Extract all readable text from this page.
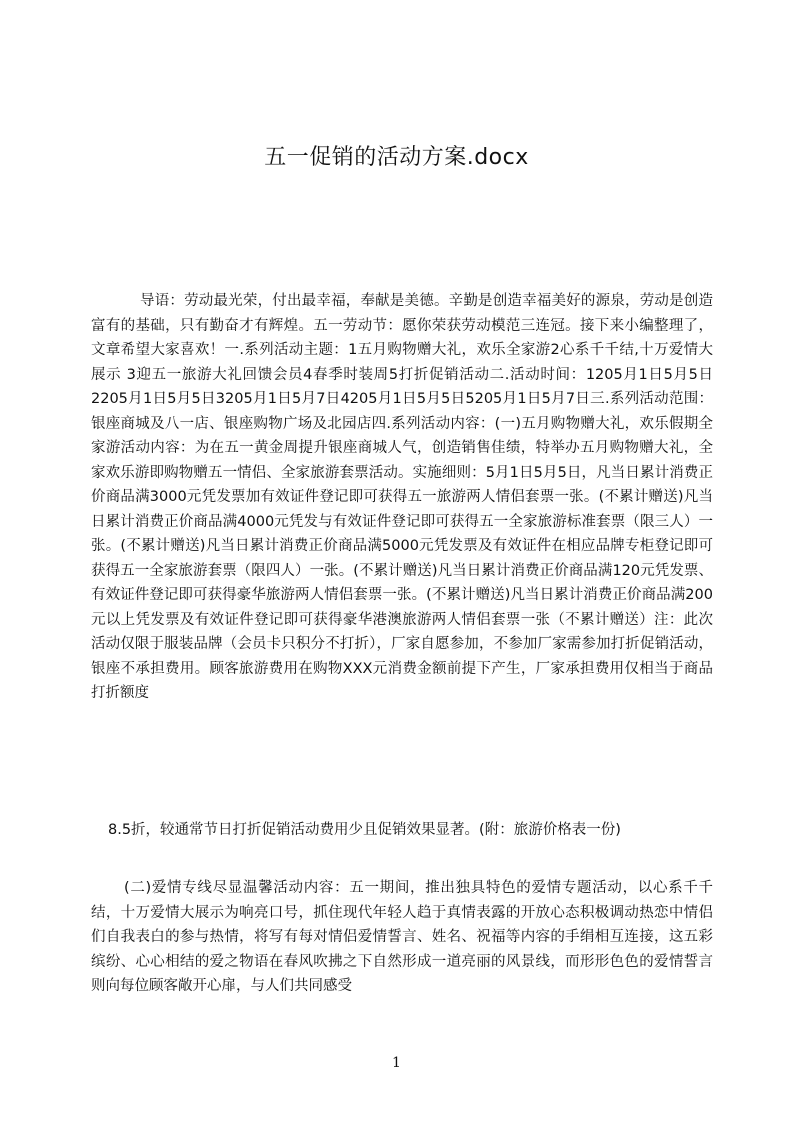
五一促销的活动方案.docx

导语：劳动最光荣，付出最幸福，奉献是美德。辛勤是创造幸福美好的源泉，劳动是创造富有的基础，只有勤奋才有辉煌。五一劳动节：愿你荣获劳动模范三连冠。接下来小编整理了，文章希望大家喜欢！一.系列活动主题：1五月购物赠大礼，欢乐全家游2心系千千结,十万爱情大展示 3迎五一旅游大礼回馈会员4春季时装周5打折促销活动二.活动时间：1205月1日5月5日2205月1日5月5日3205月1日5月7日4205月1日5月5日5205月1日5月7日三.系列活动范围：银座商城及八一店、银座购物广场及北园店四.系列活动内容：(一)五月购物赠大礼，欢乐假期全家游活动内容：为在五一黄金周提升银座商城人气，创造销售佳绩，特举办五月购物赠大礼，全家欢乐游即购物赠五一情侣、全家旅游套票活动。实施细则：5月1日5月5日，凡当日累计消费正价商品满3000元凭发票加有效证件登记即可获得五一旅游两人情侣套票一张。(不累计赠送)凡当日累计消费正价商品满4000元凭发与有效证件登记即可获得五一全家旅游标准套票（限三人）一张。(不累计赠送)凡当日累计消费正价商品满5000元凭发票及有效证件在相应品牌专柜登记即可获得五一全家旅游套票（限四人）一张。(不累计赠送)凡当日累计消费正价商品满120元凭发票、有效证件登记即可获得豪华旅游两人情侣套票一张。(不累计赠送)凡当日累计消费正价商品满200元以上凭发票及有效证件登记即可获得豪华港澳旅游两人情侣套票一张（不累计赠送）注：此次活动仅限于服装品牌（会员卡只积分不打折），厂家自愿参加，不参加厂家需参加打折促销活动，银座不承担费用。顾客旅游费用在购物XXX元消费金额前提下产生，厂家承担费用仅相当于商品打折额度

8.5折，较通常节日打折促销活动费用少且促销效果显著。(附：旅游价格表一份)

(二)爱情专线尽显温馨活动内容：五一期间，推出独具特色的爱情专题活动，以心系千千结，十万爱情大展示为响亮口号，抓住现代年轻人趋于真情表露的开放心态积极调动热恋中情侣们自我表白的参与热情，将写有每对情侣爱情誓言、姓名、祝福等内容的手绢相互连接，这五彩缤纷、心心相结的爱之物语在春风吹拂之下自然形成一道亮丽的风景线，而形形色色的爱情誓言则向每位顾客敞开心扉，与人们共同感受

1
